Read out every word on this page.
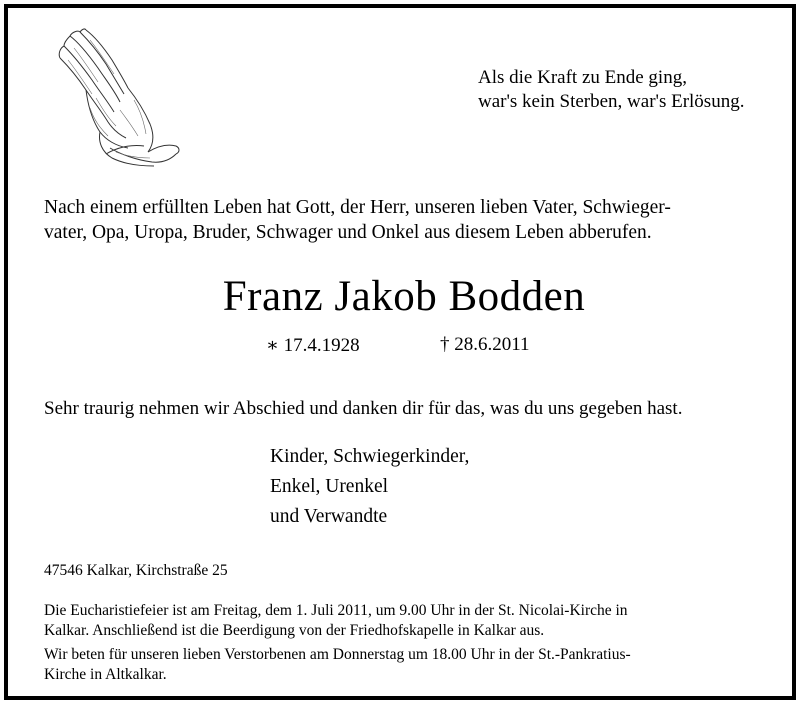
Als die Kraft zu Ende ging,
war's kein Sterben, war's Erlösung.
Nach einem erfüllten Leben hat Gott, der Herr, unseren lieben Vater, Schwieger-
vater, Opa, Uropa, Bruder, Schwager und Onkel aus diesem Leben abberufen.
Franz Jakob Bodden
∗ 17.4.1928	† 28.6.2011
Sehr traurig nehmen wir Abschied und danken dir für das, was du uns gegeben hast.
Kinder, Schwiegerkinder,
Enkel, Urenkel
und Verwandte
47546 Kalkar, Kirchstraße 25
Die Eucharistiefeier ist am Freitag, dem 1. Juli 2011, um 9.00 Uhr in der St. Nicolai-Kirche in
Kalkar. Anschließend ist die Beerdigung von der Friedhofskapelle in Kalkar aus.
Wir beten für unseren lieben Verstorbenen am Donnerstag um 18.00 Uhr in der St.-Pankratius-
Kirche in Altkalkar.
